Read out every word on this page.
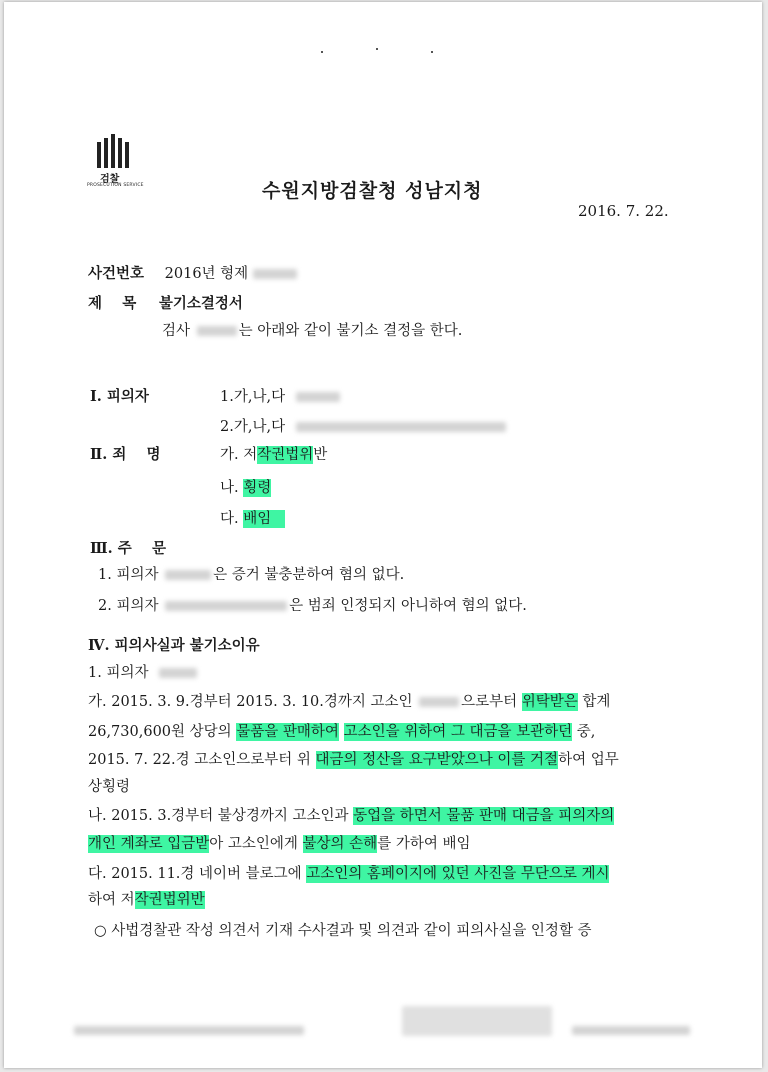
검찰
PROSECUTION SERVICE	수원지방검찰청 성남지청
2016. 7. 22.
사건번호 2016년 형제
제    목 불기소결정서
검사	는 아래와 같이 불기소 결정을 한다.
Ⅰ. 피의자	1.가,나,다
2.가,나,다
Ⅱ. 죄    명	가. 저작권법위반
나. 횡령
다. 배임
Ⅲ. 주    문
1. 피의자	은 증거 불충분하여 혐의 없다.
2. 피의자	은 범죄 인정되지 아니하여 혐의 없다.
Ⅳ. 피의사실과 불기소이유
1. 피의자
가. 2015. 3. 9.경부터 2015. 3. 10.경까지 고소인	으로부터 위탁받은 합계
26,730,600원 상당의 물품을 판매하여 고소인을 위하여 그 대금을 보관하던 중,
2015. 7. 22.경 고소인으로부터 위 대금의 정산을 요구받았으나 이를 거절하여 업무
상횡령
나. 2015. 3.경부터 불상경까지 고소인과 동업을 하면서 물품 판매 대금을 피의자의
개인 계좌로 입금받아 고소인에게 불상의 손해를 가하여 배임
다. 2015. 11.경 네이버 블로그에 고소인의 홈페이지에 있던 사진을 무단으로 게시
하여 저작권법위반
○ 사법경찰관 작성 의견서 기재 수사결과 및 의견과 같이 피의사실을 인정할 증
